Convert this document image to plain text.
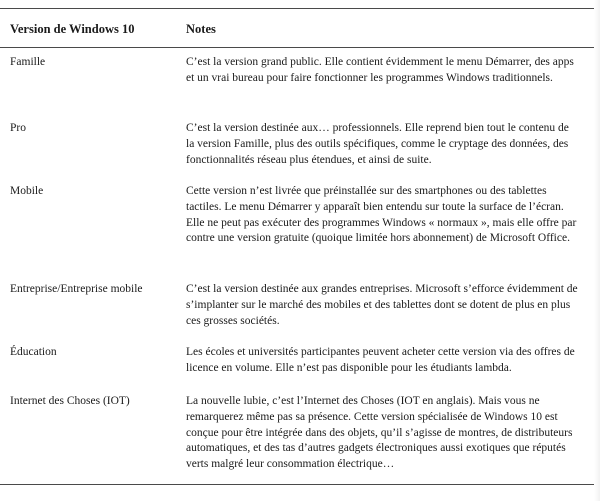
Version de Windows 10	Notes
Famille	C’est la version grand public. Elle contient évidemment le menu Démarrer, des apps et un vrai bureau pour faire fonctionner les programmes Windows traditionnels.
Pro	C’est la version destinée aux… professionnels. Elle reprend bien tout le contenu de la version Famille, plus des outils spécifiques, comme le cryptage des données, des fonctionnalités réseau plus étendues, et ainsi de suite.
Mobile	Cette version n’est livrée que préinstallée sur des smartphones ou des tablettes tactiles. Le menu Démarrer y apparaît bien entendu sur toute la surface de l’écran. Elle ne peut pas exécuter des programmes Windows « normaux », mais elle offre par contre une version gratuite (quoique limitée hors abonnement) de Microsoft Office.
Entreprise/Entreprise mobile	C’est la version destinée aux grandes entreprises. Microsoft s’efforce évidemment de s’implanter sur le marché des mobiles et des tablettes dont se dotent de plus en plus ces grosses sociétés.
Éducation	Les écoles et universités participantes peuvent acheter cette version via des offres de licence en volume. Elle n’est pas disponible pour les étudiants lambda.
Internet des Choses (IOT)	La nouvelle lubie, c’est l’Internet des Choses (IOT en anglais). Mais vous ne remarquerez même pas sa présence. Cette version spécialisée de Windows 10 est conçue pour être intégrée dans des objets, qu’il s’agisse de montres, de distributeurs automatiques, et des tas d’autres gadgets électroniques aussi exotiques que réputés verts malgré leur consommation électrique…
